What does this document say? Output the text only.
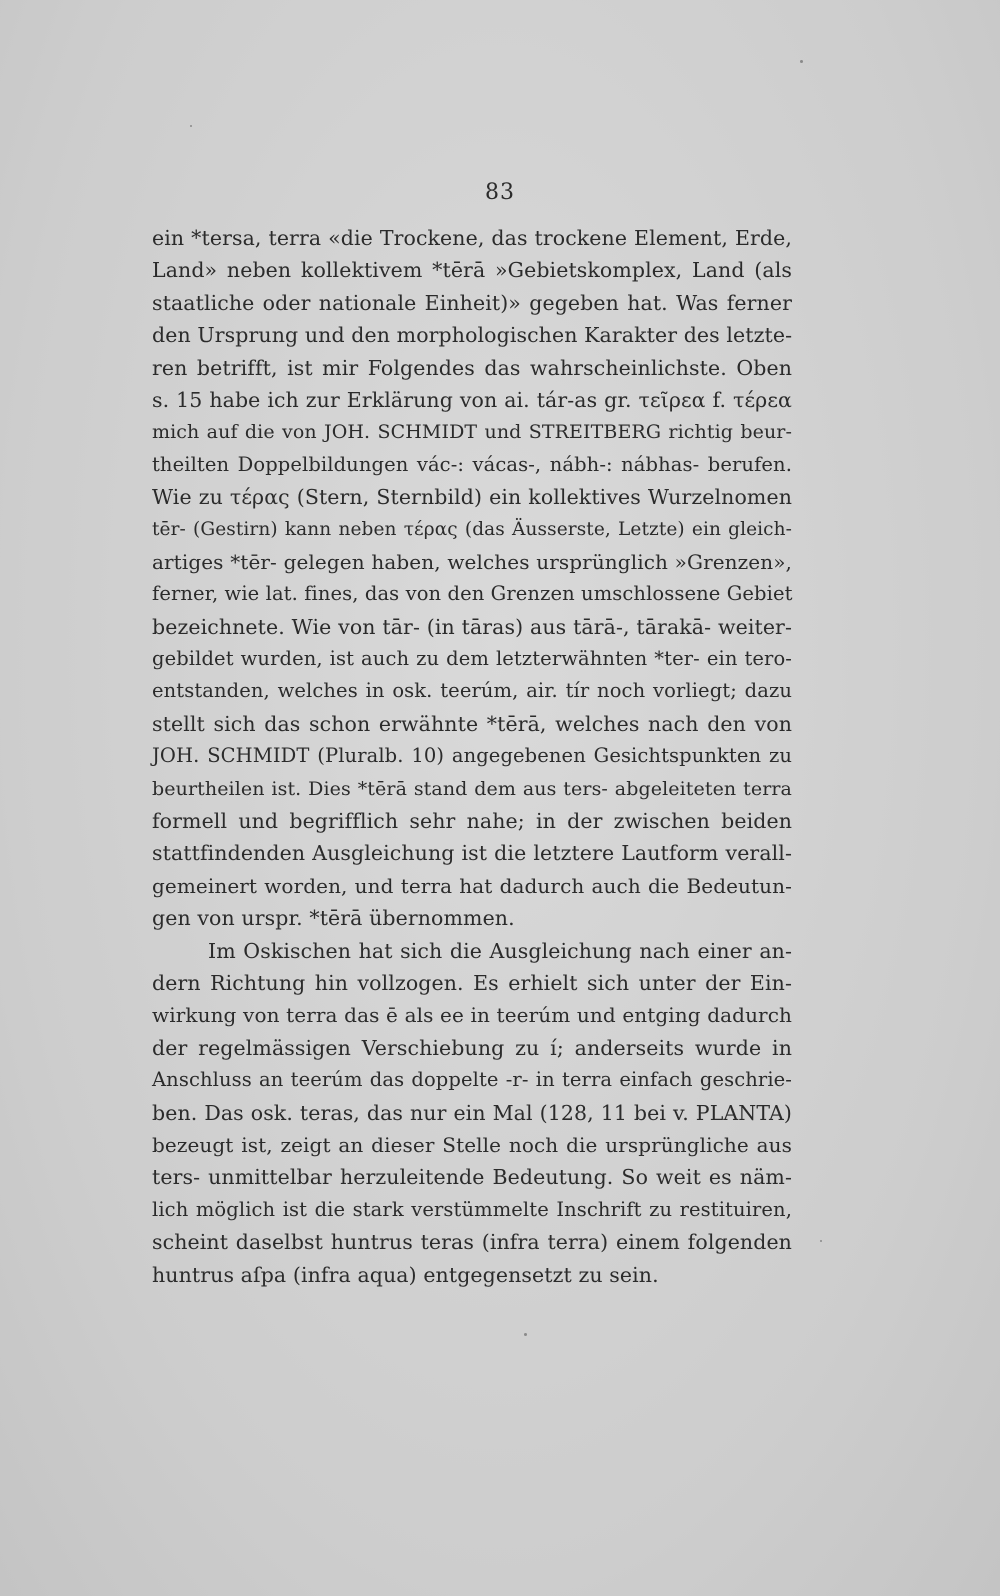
83
ein *tersa, terra «die Trockene, das trockene Element, Erde,
Land» neben kollektivem *tērā »Gebietskomplex, Land (als
staatliche oder nationale Einheit)» gegeben hat. Was ferner
den Ursprung und den morphologischen Karakter des letzte-
ren betrifft, ist mir Folgendes das wahrscheinlichste. Oben
s. 15 habe ich zur Erklärung von ai. tár-as gr. τεῖρεα f. τέρεα
mich auf die von JOH. SCHMIDT und STREITBERG richtig beur-
theilten Doppelbildungen vác-: vácas-, nábh-: nábhas- berufen.
Wie zu τέρας (Stern, Sternbild) ein kollektives Wurzelnomen
tēr- (Gestirn) kann neben τέρας (das Äusserste, Letzte) ein gleich-
artiges *tēr- gelegen haben, welches ursprünglich »Grenzen»,
ferner, wie lat. fines, das von den Grenzen umschlossene Gebiet
bezeichnete. Wie von tār- (in tāras) aus tārā-, tārakā- weiter-
gebildet wurden, ist auch zu dem letzterwähnten *ter- ein tero-
entstanden, welches in osk. teerúm, air. tír noch vorliegt; dazu
stellt sich das schon erwähnte *tērā, welches nach den von
JOH. SCHMIDT (Pluralb. 10) angegebenen Gesichtspunkten zu
beurtheilen ist. Dies *tērā stand dem aus ters- abgeleiteten terra
formell und begrifflich sehr nahe; in der zwischen beiden
stattfindenden Ausgleichung ist die letztere Lautform verall-
gemeinert worden, und terra hat dadurch auch die Bedeutun-
gen von urspr. *tērā übernommen.
Im Oskischen hat sich die Ausgleichung nach einer an-
dern Richtung hin vollzogen. Es erhielt sich unter der Ein-
wirkung von terra das ē als ee in teerúm und entging dadurch
der regelmässigen Verschiebung zu í; anderseits wurde in
Anschluss an teerúm das doppelte -r- in terra einfach geschrie-
ben. Das osk. teras, das nur ein Mal (128, 11 bei v. PLANTA)
bezeugt ist, zeigt an dieser Stelle noch die ursprüngliche aus
ters- unmittelbar herzuleitende Bedeutung. So weit es näm-
lich möglich ist die stark verstümmelte Inschrift zu restituiren,
scheint daselbst huntrus teras (infra terra) einem folgenden
huntrus aſpa (infra aqua) entgegensetzt zu sein.
